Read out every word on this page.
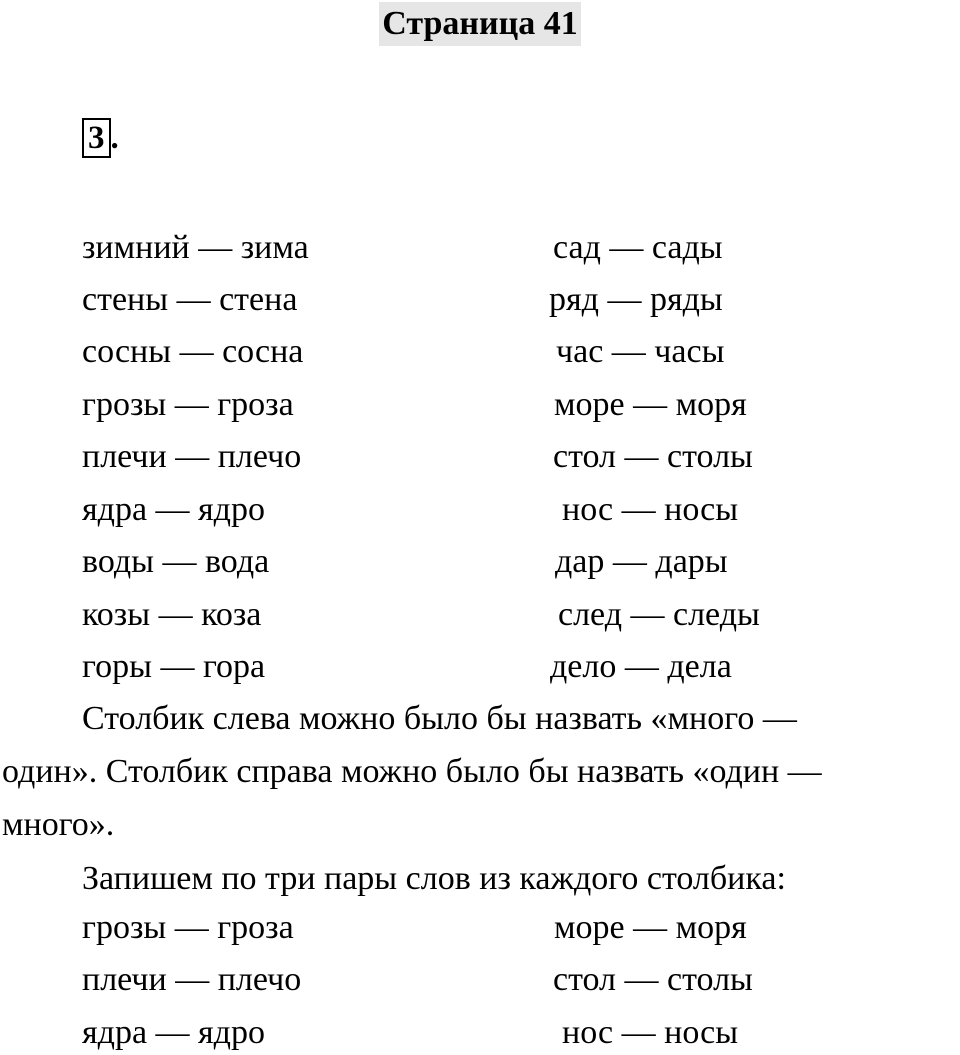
Страница 41
3 .
зимний — зима
стены — стена
сосны — сосна
грозы — гроза
плечи — плечо
ядра — ядро
воды — вода
козы — коза
горы — гора
сад — сады
ряд — ряды
час — часы
море — моря
стол — столы
нос — носы
дар — дары
след — следы
дело — дела
Столбик слева можно было бы назвать «много —
один». Столбик справа можно было бы назвать «один —
много».
Запишем по три пары слов из каждого столбика:
грозы — гроза
плечи — плечо
ядра — ядро
море — моря
стол — столы
нос — носы
